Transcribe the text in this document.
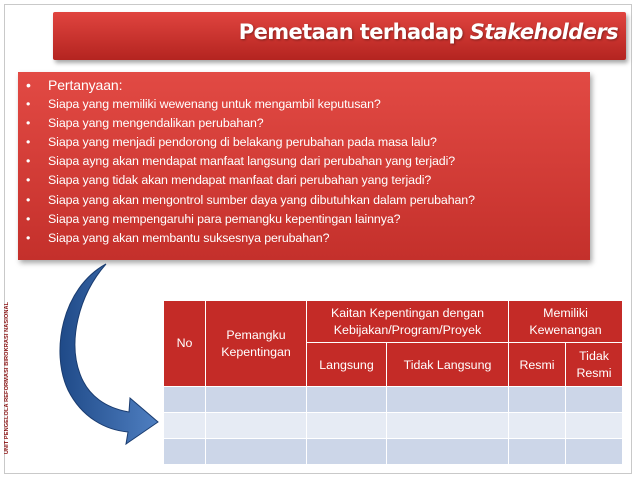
UNIT PENGELOLA REFORMASI BIROKRASI NASIONAL
Pemetaan terhadap Stakeholders
• Pertanyaan:
• Siapa yang memiliki wewenang untuk mengambil keputusan?
• Siapa yang mengendalikan perubahan?
• Siapa yang menjadi pendorong di belakang perubahan pada masa lalu?
• Siapa ayng akan mendapat manfaat langsung dari perubahan yang terjadi?
• Siapa yang tidak akan mendapat manfaat dari perubahan yang terjadi?
• Siapa yang akan mengontrol sumber daya yang dibutuhkan dalam perubahan?
• Siapa yang mempengaruhi para pemangku kepentingan lainnya?
• Siapa yang akan membantu suksesnya perubahan?
No	Pemangku Kepentingan	Kaitan Kepentingan dengan Kebijakan/Program/Proyek		Memiliki Kewenangan	
		Langsung	Tidak Langsung	Resmi	Tidak Resmi
